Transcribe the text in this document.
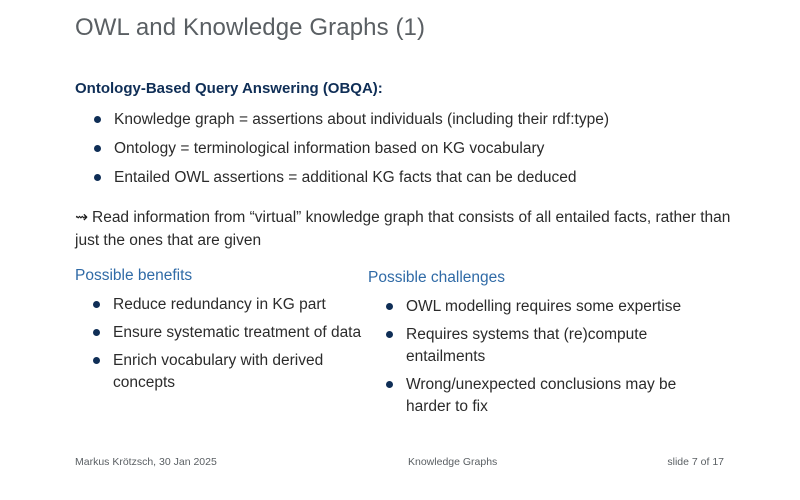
OWL and Knowledge Graphs (1)
Ontology-Based Query Answering (OBQA):
Knowledge graph = assertions about individuals (including their rdf:type)
Ontology = terminological information based on KG vocabulary
Entailed OWL assertions = additional KG facts that can be deduced
⇝ Read information from “virtual” knowledge graph that consists of all entailed facts, rather than just the ones that are given
Possible benefits
Reduce redundancy in KG part
Ensure systematic treatment of data
Enrich vocabulary with derived concepts
Possible challenges
OWL modelling requires some expertise
Requires systems that (re)compute entailments
Wrong/unexpected conclusions may be harder to fix
Markus Krötzsch, 30 Jan 2025	Knowledge Graphs	slide 7 of 17
